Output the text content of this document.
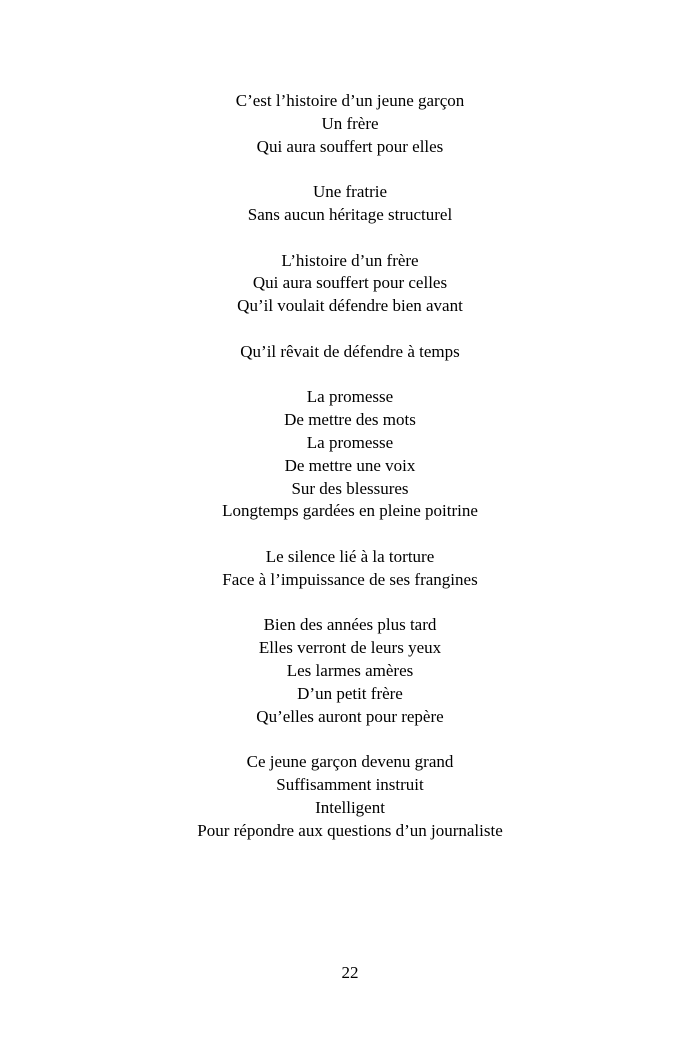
C’est l’histoire d’un jeune garçon
Un frère
Qui aura souffert pour elles
Une fratrie
Sans aucun héritage structurel
L’histoire d’un frère
Qui aura souffert pour celles
Qu’il voulait défendre bien avant
Qu’il rêvait de défendre à temps
La promesse
De mettre des mots
La promesse
De mettre une voix
Sur des blessures
Longtemps gardées en pleine poitrine
Le silence lié à la torture
Face à l’impuissance de ses frangines
Bien des années plus tard
Elles verront de leurs yeux
Les larmes amères
D’un petit frère
Qu’elles auront pour repère
Ce jeune garçon devenu grand
Suffisamment instruit
Intelligent
Pour répondre aux questions d’un journaliste
22
